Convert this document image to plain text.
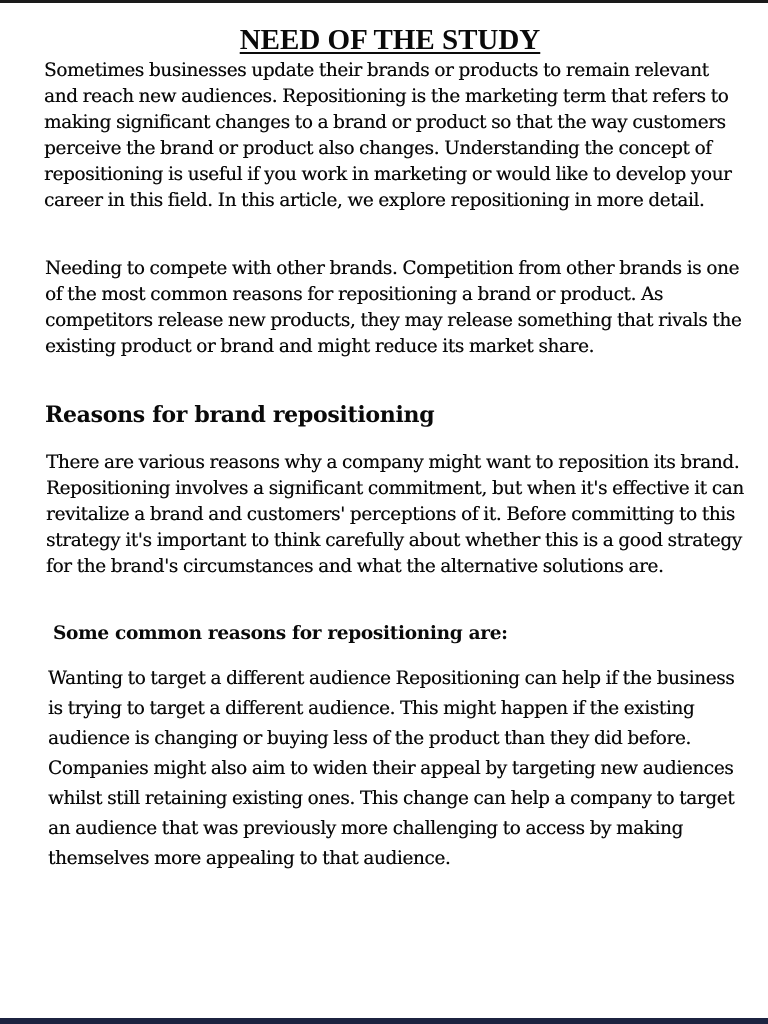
NEED OF THE STUDY

Sometimes businesses update their brands or products to remain relevant and reach new audiences. Repositioning is the marketing term that refers to making significant changes to a brand or product so that the way customers perceive the brand or product also changes. Understanding the concept of repositioning is useful if you work in marketing or would like to develop your career in this field. In this article, we explore repositioning in more detail.

Needing to compete with other brands. Competition from other brands is one of the most common reasons for repositioning a brand or product. As competitors release new products, they may release something that rivals the existing product or brand and might reduce its market share.

Reasons for brand repositioning

There are various reasons why a company might want to reposition its brand. Repositioning involves a significant commitment, but when it's effective it can revitalize a brand and customers' perceptions of it. Before committing to this strategy it's important to think carefully about whether this is a good strategy for the brand's circumstances and what the alternative solutions are.

Some common reasons for repositioning are:

Wanting to target a different audience Repositioning can help if the business is trying to target a different audience. This might happen if the existing audience is changing or buying less of the product than they did before. Companies might also aim to widen their appeal by targeting new audiences whilst still retaining existing ones. This change can help a company to target an audience that was previously more challenging to access by making themselves more appealing to that audience.
